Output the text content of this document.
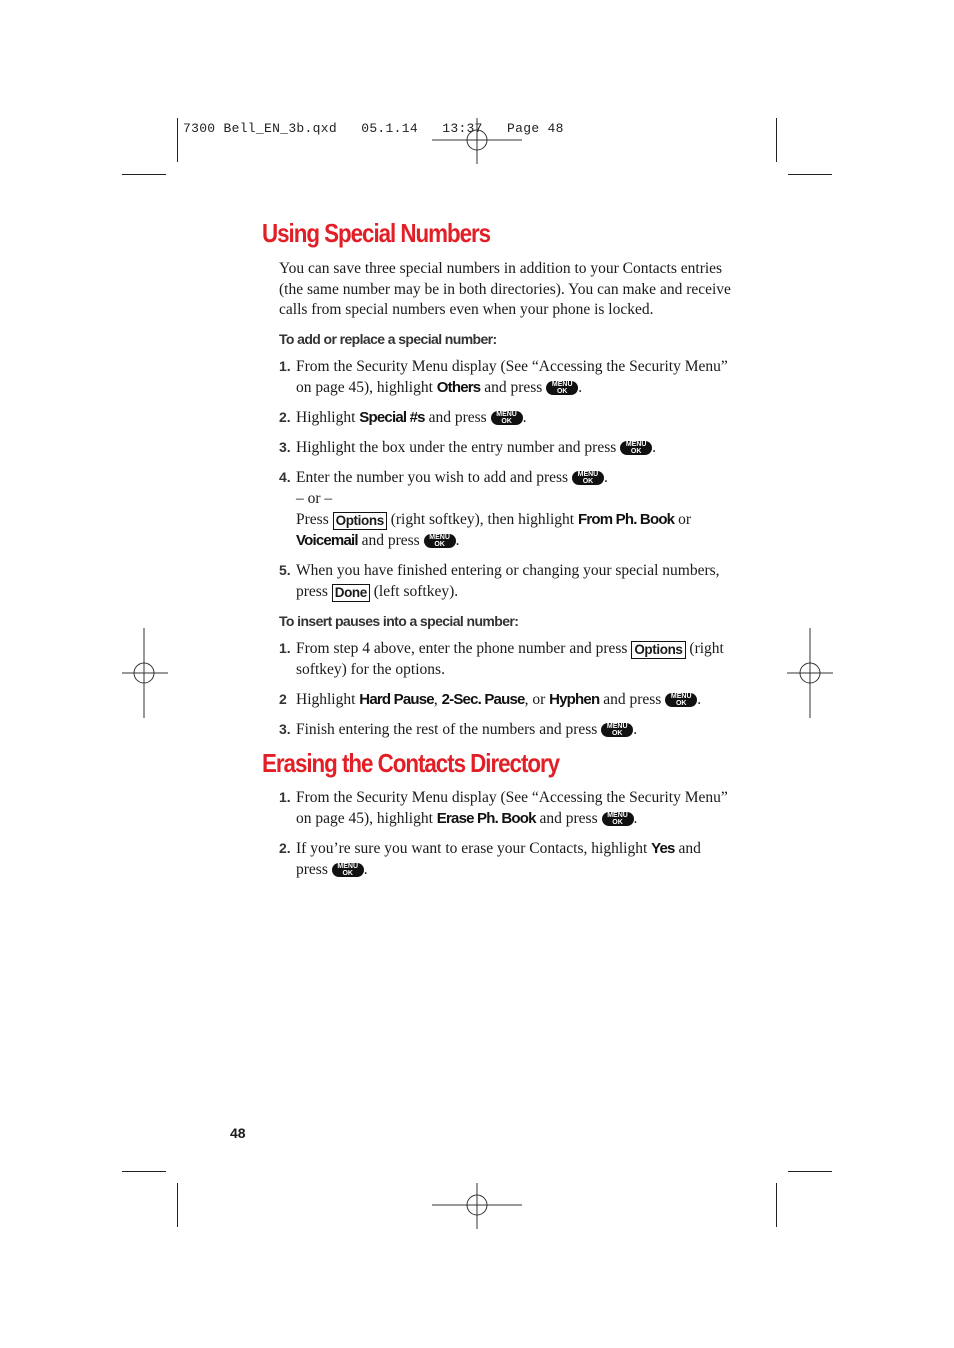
7300 Bell_EN_3b.qxd   05.1.14   13:37   Page 48
Using Special Numbers

You can save three special numbers in addition to your Contacts entries (the same number may be in both directories). You can make and receive calls from special numbers even when your phone is locked.

To add or replace a special number:
1. From the Security Menu display (See “Accessing the Security Menu” on page 45), highlight Others and press MENU
OK .
2. Highlight Special #s and press MENU
OK .
3. Highlight the box under the entry number and press MENU
OK .
4. Enter the number you wish to add and press MENU
OK .
– or –
Press Options (right softkey), then highlight From Ph. Book or Voicemail and press MENU
OK .
5. When you have finished entering or changing your special numbers, press Done (left softkey).
To insert pauses into a special number:
1. From step 4 above, enter the phone number and press Options (right softkey) for the options.
2 Highlight Hard Pause, 2-Sec. Pause, or Hyphen and press MENU
OK .
3. Finish entering the rest of the numbers and press MENU
OK .
Erasing the Contacts Directory
1. From the Security Menu display (See “Accessing the Security Menu” on page 45), highlight Erase Ph. Book and press MENU
OK .
2. If you’re sure you want to erase your Contacts, highlight Yes and press MENU
OK .
48
